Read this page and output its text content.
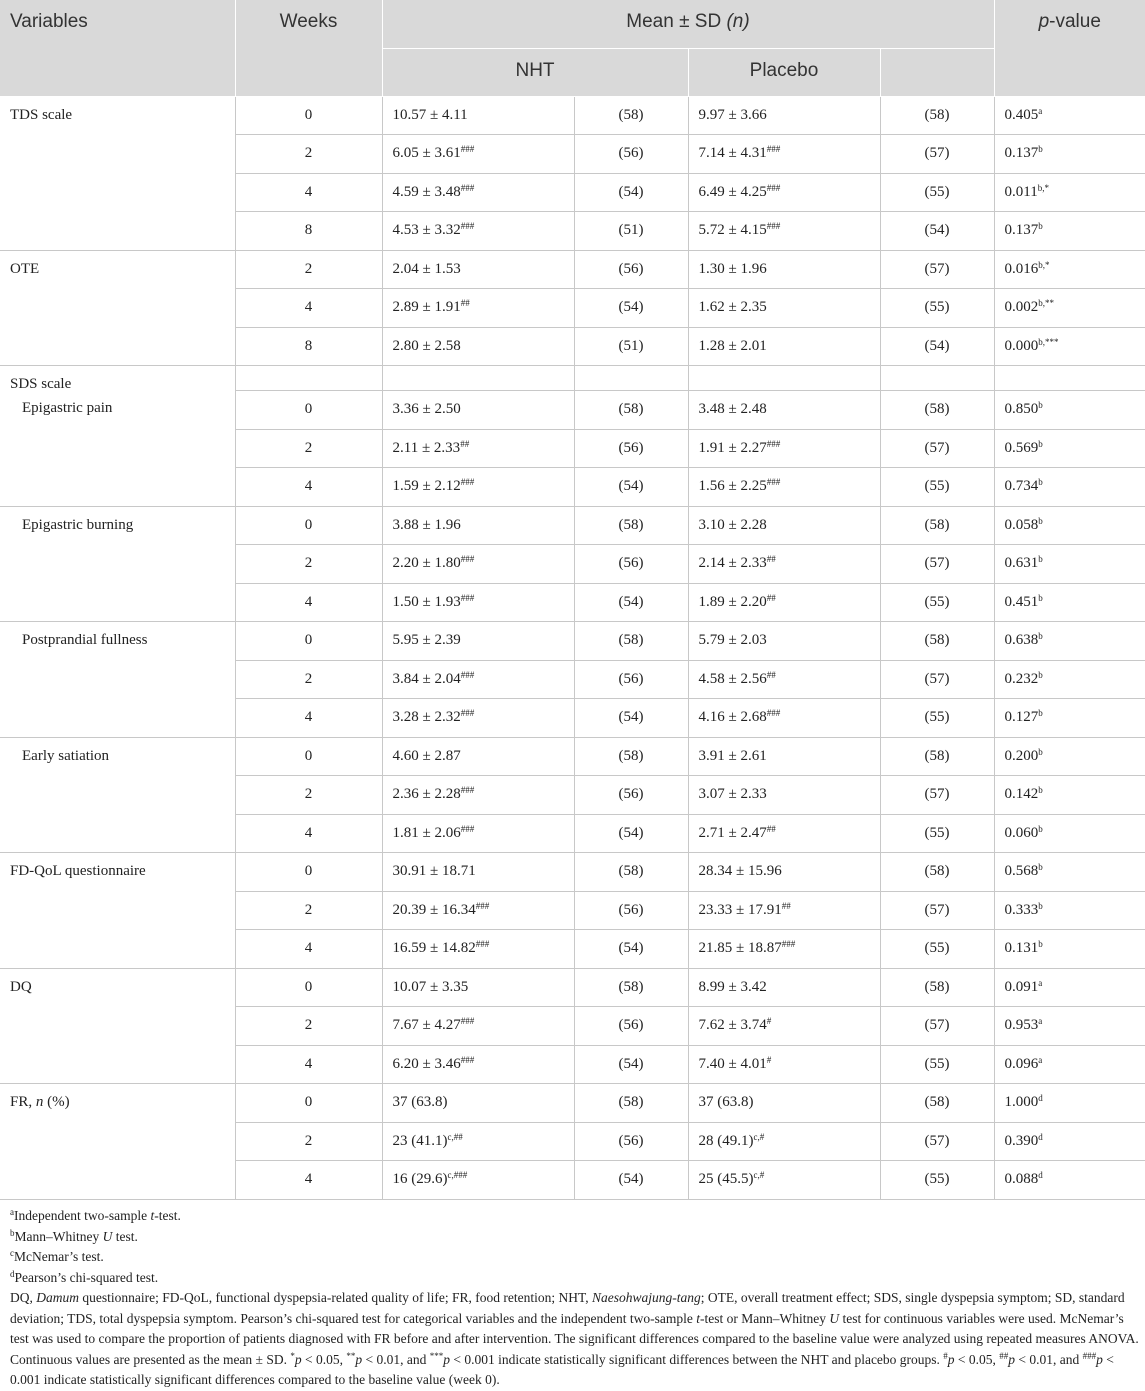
Variables	Weeks	Mean ± SD (n)				p-value
		NHT		Placebo		
TDS scale	0	10.57 ± 4.11	(58)	9.97 ± 3.66	(58)	0.405$^a$
	2	6.05 ± 3.61###	(56)	7.14 ± 4.31###	(57)	0.137$^b$
	4	4.59 ± 3.48###	(54)	6.49 ± 4.25###	(55)	$0.011^{b,*}$
	8	4.53 ± 3.32###	(51)	5.72 ± 4.15###	(54)	0.137$^b$
OTE	2	2.04 ± 1.53	(56)	1.30 ± 1.96	(57)	$0.016^{b,*}$
	4	2.89 ± 1.91##	(54)	1.62 ± 2.35	(55)	$0.002^{b,**}$
	8	2.80 ± 2.58	(51)	1.28 ± 2.01	(54)	$0.000^{b,***}$

SDS scale
Epigastric pain						

	0	3.36 ± 2.50	(58)	3.48 ± 2.48	(58)	0.850$^b$
	2	2.11 ± 2.33##	(56)	1.91 ± 2.27###	(57)	0.569$^b$
	4	1.59 ± 2.12###	(54)	1.56 ± 2.25###	(55)	0.734$^b$
Epigastric burning	0	3.88 ± 1.96	(58)	3.10 ± 2.28	(58)	0.058$^b$
	2	2.20 ± 1.80###	(56)	2.14 ± 2.33##	(57)	0.631$^b$
	4	1.50 ± 1.93###	(54)	1.89 ± 2.20##	(55)	0.451$^b$
Postprandial fullness	0	5.95 ± 2.39	(58)	5.79 ± 2.03	(58)	0.638$^b$
	2	3.84 ± 2.04###	(56)	4.58 ± 2.56##	(57)	0.232$^b$
	4	3.28 ± 2.32###	(54)	4.16 ± 2.68###	(55)	0.127$^b$
Early satiation	0	4.60 ± 2.87	(58)	3.91 ± 2.61	(58)	0.200$^b$
	2	2.36 ± 2.28###	(56)	3.07 ± 2.33	(57)	0.142$^b$
	4	1.81 ± 2.06###	(54)	2.71 ± 2.47##	(55)	0.060$^b$
FD-QoL questionnaire	0	30.91 ± 18.71	(58)	28.34 ± 15.96	(58)	0.568$^b$
	2	20.39 ± 16.34###	(56)	23.33 ± 17.91##	(57)	0.333$^b$
	4	16.59 ± 14.82###	(54)	21.85 ± 18.87###	(55)	0.131$^b$
DQ	0	10.07 ± 3.35	(58)	8.99 ± 3.42	(58)	0.091$^a$
	2	7.67 ± 4.27###	(56)	7.62 ± 3.74#	(57)	0.953$^a$
	4	6.20 ± 3.46###	(54)	7.40 ± 4.01#	(55)	0.096$^a$
FR, n (%)	0	37 (63.8)	(58)	37 (63.8)	(58)	1.000$^d$
	2	23 $(41.1)^{c,\#\#}$	(56)	28 $(49.1)^{c,\#}$	(57)	0.390$^d$
	4	16 $(29.6)^{c,\#\#\#}$	(54)	25 $(45.5)^{c,\#}$	(55)	0.088$^d$

$^a$Independent two-sample t-test.

$^b$Mann–Whitney U test.

$^c$McNemar’s test.

$^d$Pearson’s chi-squared test.

DQ, Damum questionnaire; FD-QoL, functional dyspepsia-related quality of life; FR, food retention; NHT, Naesohwajung-tang; OTE, overall treatment effect; SDS, single dyspepsia symptom; SD, standard deviation; TDS, total dyspepsia symptom. Pearson’s chi-squared test for categorical variables and the independent two-sample t-test or Mann–Whitney U test for continuous variables were used. McNemar’s test was used to compare the proportion of patients diagnosed with FR before and after intervention. The significant differences compared to the baseline value were analyzed using repeated measures ANOVA. Continuous values are presented as the mean ± SD. *p < 0.05, **p < 0.01, and ***p < 0.001 indicate statistically significant differences between the NHT and placebo groups. #p < 0.05, ##p < 0.01, and ###p < 0.001 indicate statistically significant differences compared to the baseline value (week 0).
